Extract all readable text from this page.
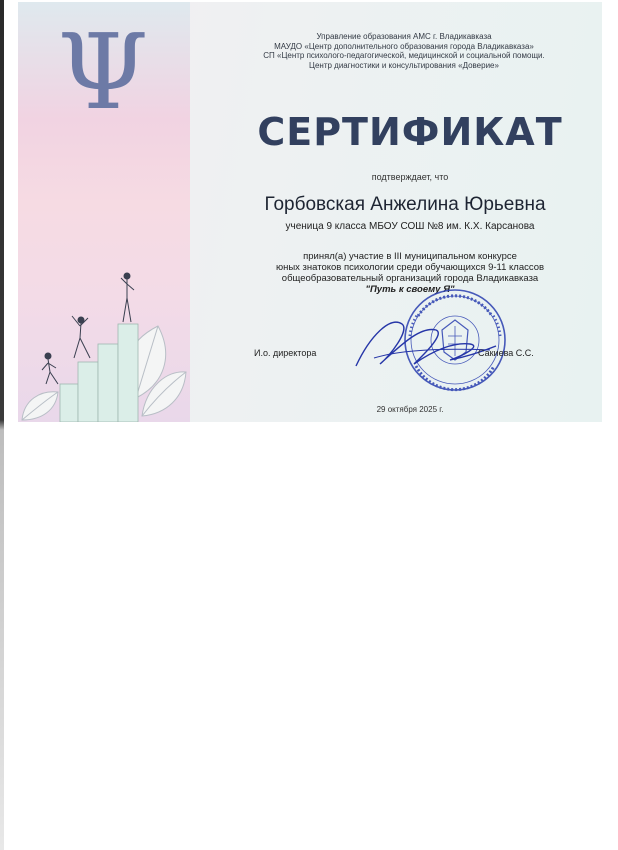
Ψ	Управление образования АМС г. Владикавказа
МАУДО «Центр дополнительного образования города Владикавказа»
СП «Центр психолого-педагогической, медицинской и социальной помощи.
Центр диагностики и консультирования «Доверие»
СЕРТИФИКАТ
подтверждает, что
Горбовская Анжелина Юрьевна
ученица 9 класса МБОУ СОШ №8 им. К.Х. Карсанова
принял(а) участие в III муниципальном конкурсе
юных знатоков психологии среди обучающихся 9-11 классов
общеобразовательный организаций города Владикавказа
"Путь к своему Я"
И.о. директора	Сакиева С.С.
29 октября 2025 г.
